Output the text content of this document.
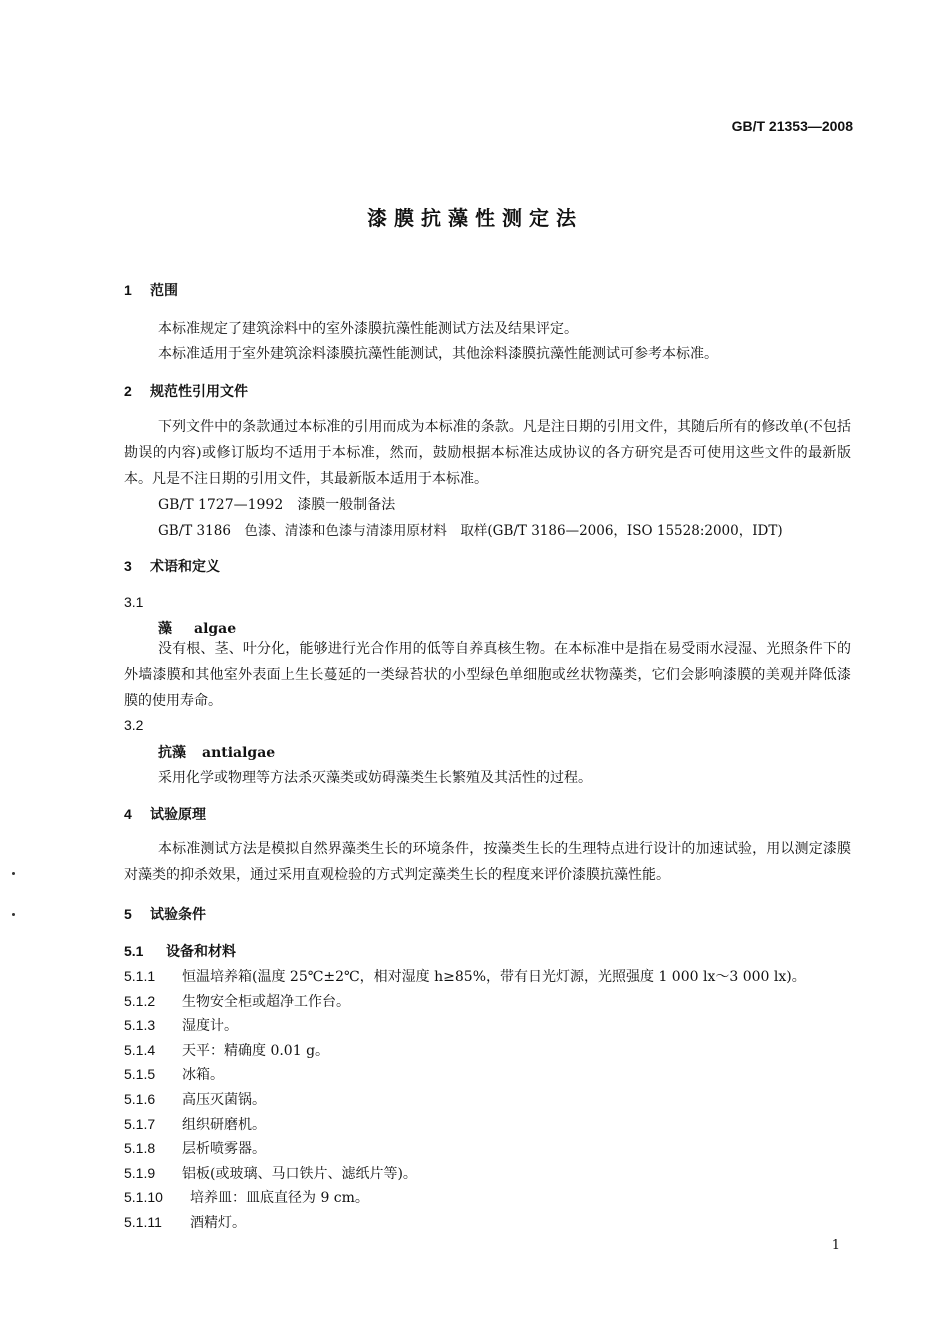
GB/T 21353—2008
漆膜抗藻性测定法
1 范围
本标准规定了建筑涂料中的室外漆膜抗藻性能测试方法及结果评定。
本标准适用于室外建筑涂料漆膜抗藻性能测试，其他涂料漆膜抗藻性能测试可参考本标准。
2 规范性引用文件
下列文件中的条款通过本标准的引用而成为本标准的条款。凡是注日期的引用文件，其随后所有的修改单(不包括勘误的内容)或修订版均不适用于本标准，然而，鼓励根据本标准达成协议的各方研究是否可使用这些文件的最新版本。凡是不注日期的引用文件，其最新版本适用于本标准。
GB/T 1727—1992　漆膜一般制备法
GB/T 3186　色漆、清漆和色漆与清漆用原材料　取样(GB/T 3186—2006，ISO 15528:2000，IDT)
3 术语和定义
3.1
藻 algae
没有根、茎、叶分化，能够进行光合作用的低等自养真核生物。在本标准中是指在易受雨水浸湿、光照条件下的外墙漆膜和其他室外表面上生长蔓延的一类绿苔状的小型绿色单细胞或丝状物藻类，它们会影响漆膜的美观并降低漆膜的使用寿命。
3.2
抗藻 antialgae
采用化学或物理等方法杀灭藻类或妨碍藻类生长繁殖及其活性的过程。
4 试验原理
本标准测试方法是模拟自然界藻类生长的环境条件，按藻类生长的生理特点进行设计的加速试验，用以测定漆膜对藻类的抑杀效果，通过采用直观检验的方式判定藻类生长的程度来评价漆膜抗藻性能。
5 试验条件
5.1 设备和材料
5.1.1 恒温培养箱(温度 25℃±2℃，相对湿度 h≥85%，带有日光灯源，光照强度 1 000 lx～3 000 lx)。
5.1.2 生物安全柜或超净工作台。
5.1.3 湿度计。
5.1.4 天平：精确度 0.01 g。
5.1.5 冰箱。
5.1.6 高压灭菌锅。
5.1.7 组织研磨机。
5.1.8 层析喷雾器。
5.1.9 铝板(或玻璃、马口铁片、滤纸片等)。
5.1.10 培养皿：皿底直径为 9 cm。
5.1.11 酒精灯。
1
